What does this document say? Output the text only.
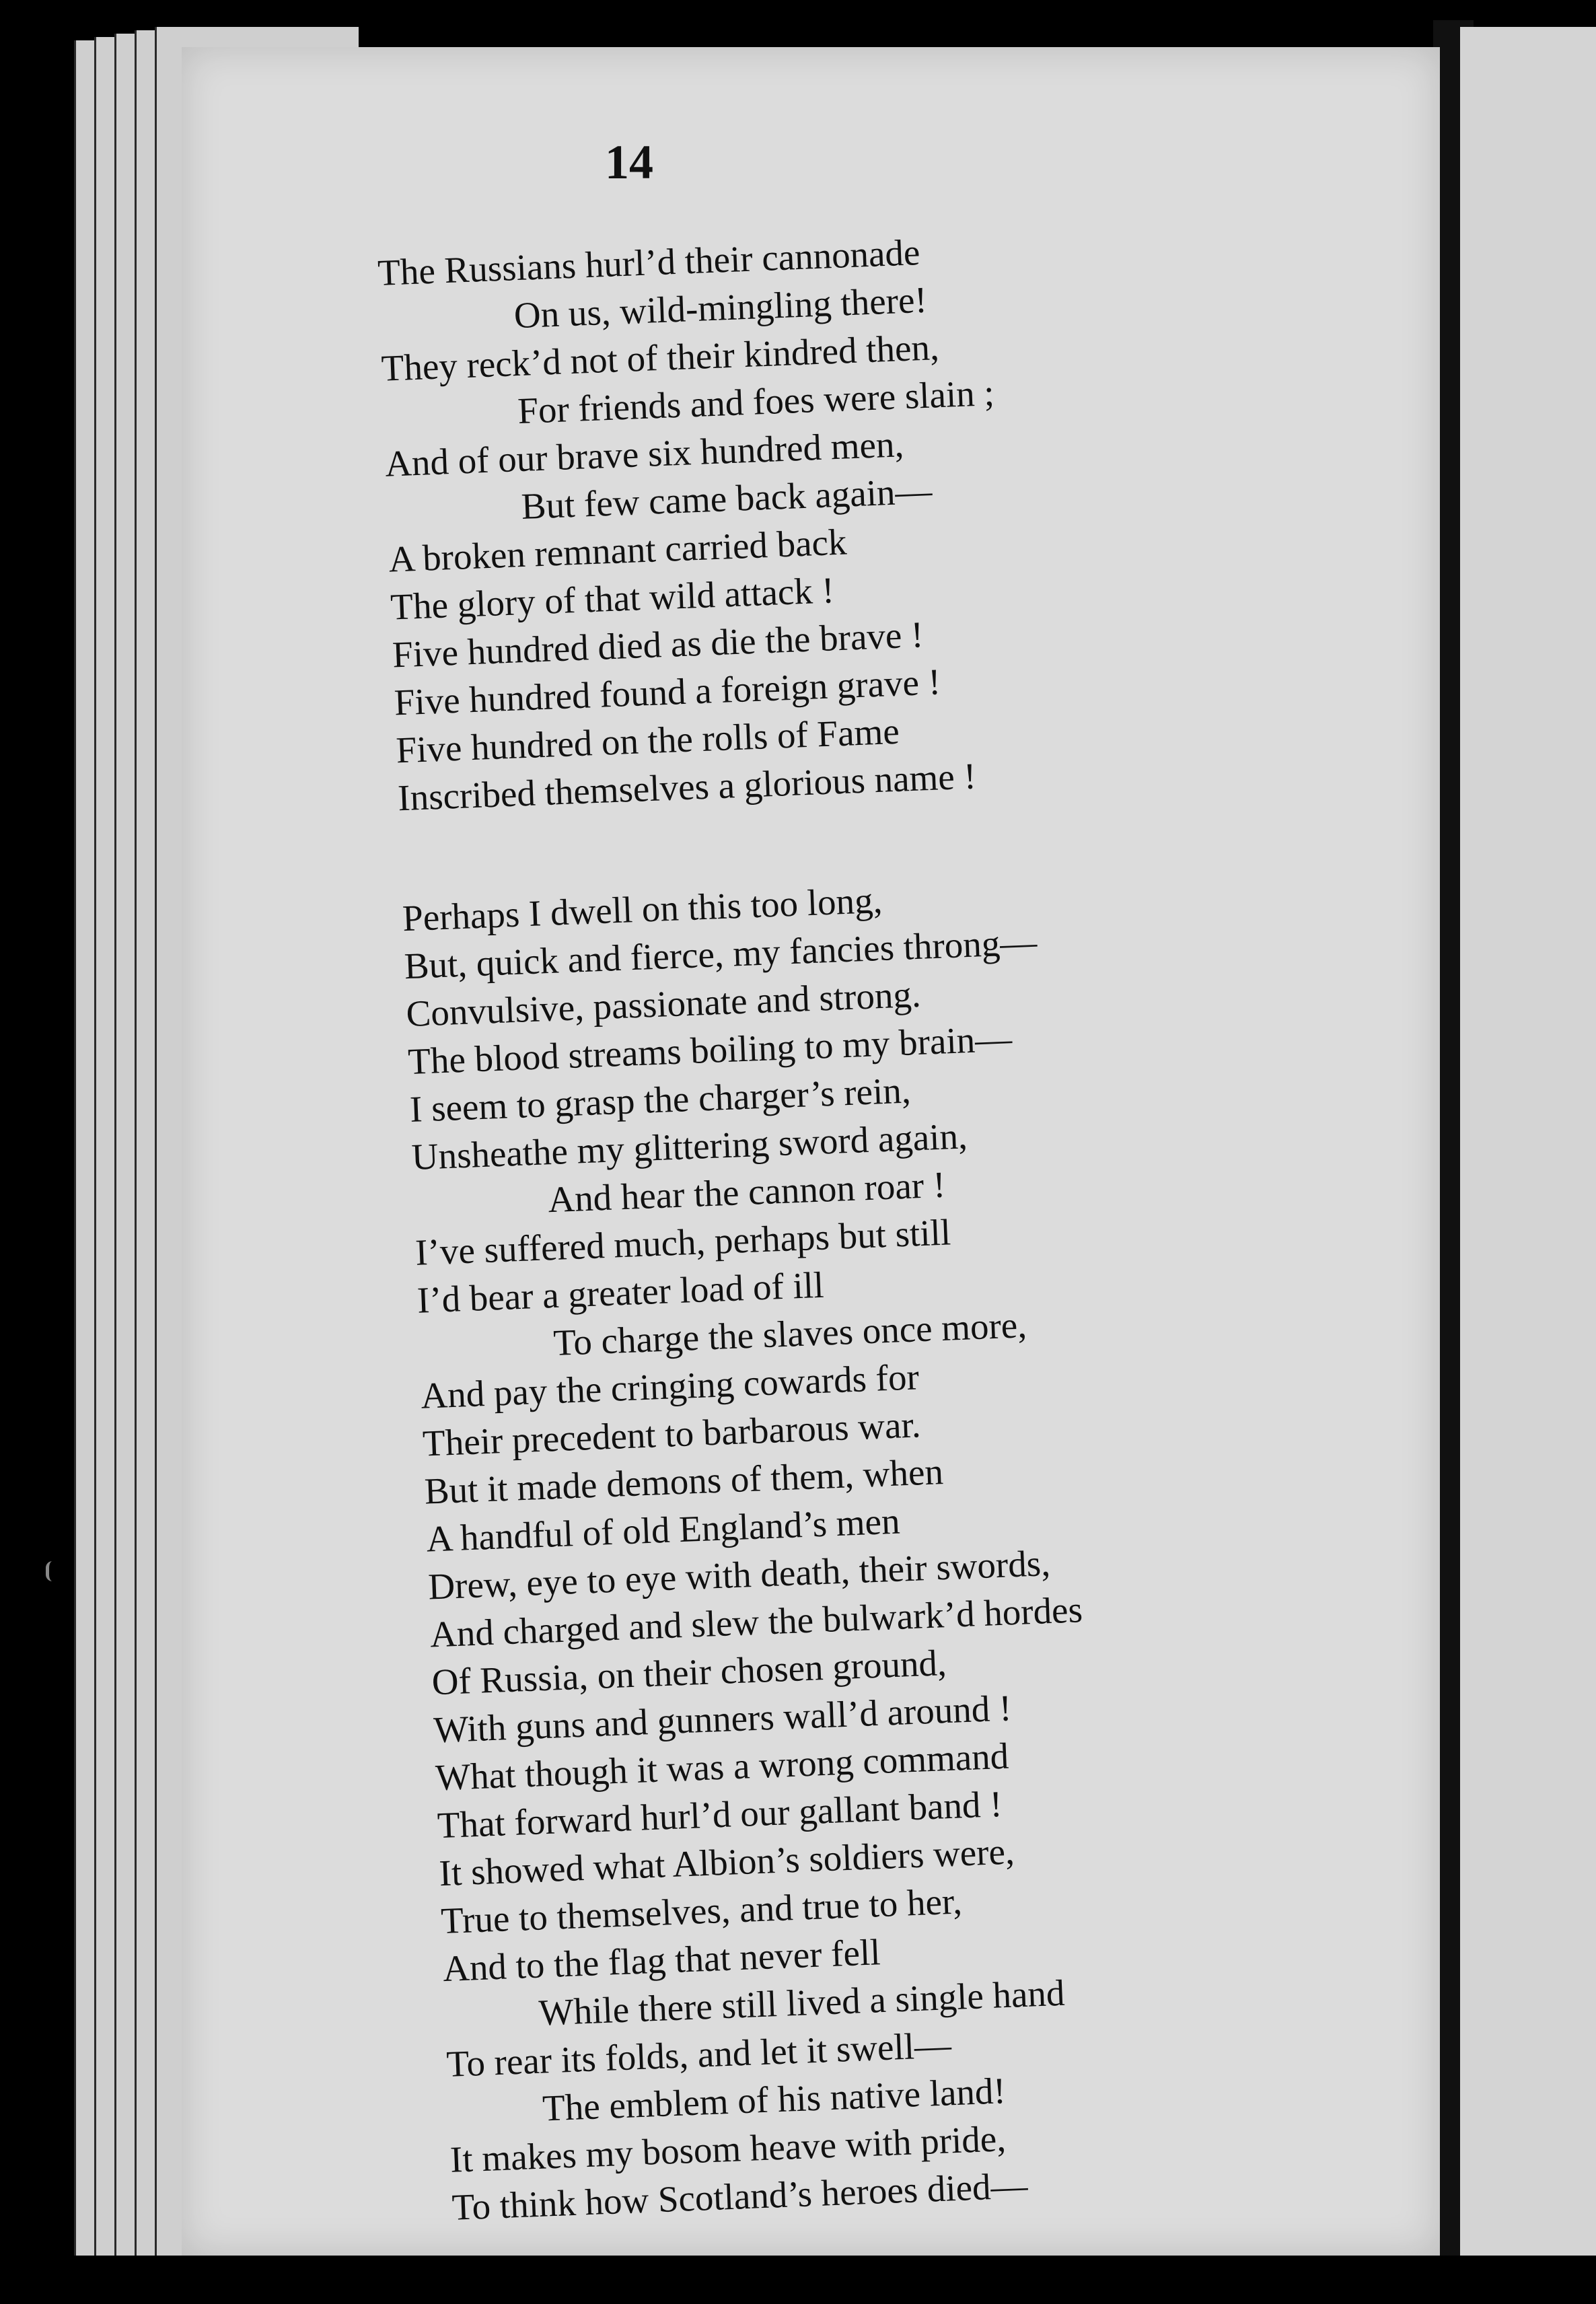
14
The Russians hurl’d their cannonade
On us, wild-mingling there!
They reck’d not of their kindred then,
For friends and foes were slain ;
And of our brave six hundred men,
But few came back again—
A broken remnant carried back
The glory of that wild attack !
Five hundred died as die the brave !
Five hundred found a foreign grave !
Five hundred on the rolls of Fame
Inscribed themselves a glorious name !
Perhaps I dwell on this too long,
But, quick and fierce, my fancies throng—
Convulsive, passionate and strong.
The blood streams boiling to my brain—
I seem to grasp the charger’s rein,
Unsheathe my glittering sword again,
And hear the cannon roar !
I’ve suffered much, perhaps but still
I’d bear a greater load of ill
To charge the slaves once more,
And pay the cringing cowards for
Their precedent to barbarous war.
But it made demons of them, when
A handful of old England’s men
Drew, eye to eye with death, their swords,
And charged and slew the bulwark’d hordes
Of Russia, on their chosen ground,
With guns and gunners wall’d around !
What though it was a wrong command
That forward hurl’d our gallant band !
It showed what Albion’s soldiers were,
True to themselves, and true to her,
And to the flag that never fell
While there still lived a single hand
To rear its folds, and let it swell—
The emblem of his native land!
It makes my bosom heave with pride,
To think how Scotland’s heroes died—
